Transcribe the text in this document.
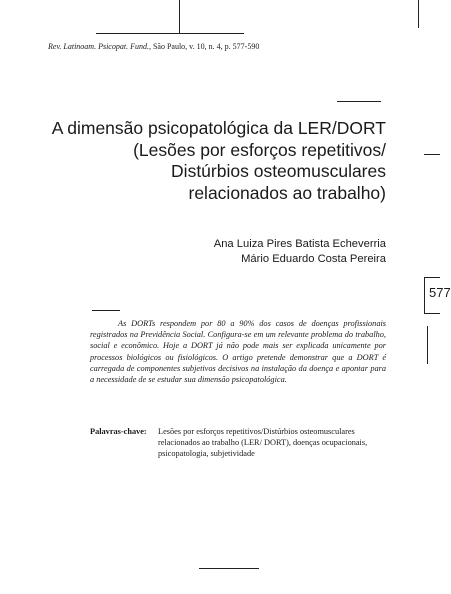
577
Rev. Latinoam. Psicopat. Fund., São Paulo, v. 10, n. 4, p. 577-590
A dimensão psicopatológica da LER/DORT
(Lesões por esforços repetitivos/
Distúrbios osteomusculares
relacionados ao trabalho)
Ana Luiza Pires Batista Echeverria
Mário Eduardo Costa Pereira

As DORTs respondem por 80 a 90% dos casos de doenças profissionais registrados na Previdência Social. Configura-se em um relevante problema do trabalho, social e econômico. Hoje a DORT já não pode mais ser explicada unicamente por processos biológicos ou fisiológicos. O artigo pretende demonstrar que a DORT é carregada de componentes subjetivos decisivos na instalação da doença e apontar para a necessidade de se estudar sua dimensão psicopatológica.

Palavras-chave: Lesões por esforços repetitivos/Distúrbios osteomusculares relacionados ao trabalho (LER/ DORT), doenças ocupacionais, psicopatologia, subjetividade
